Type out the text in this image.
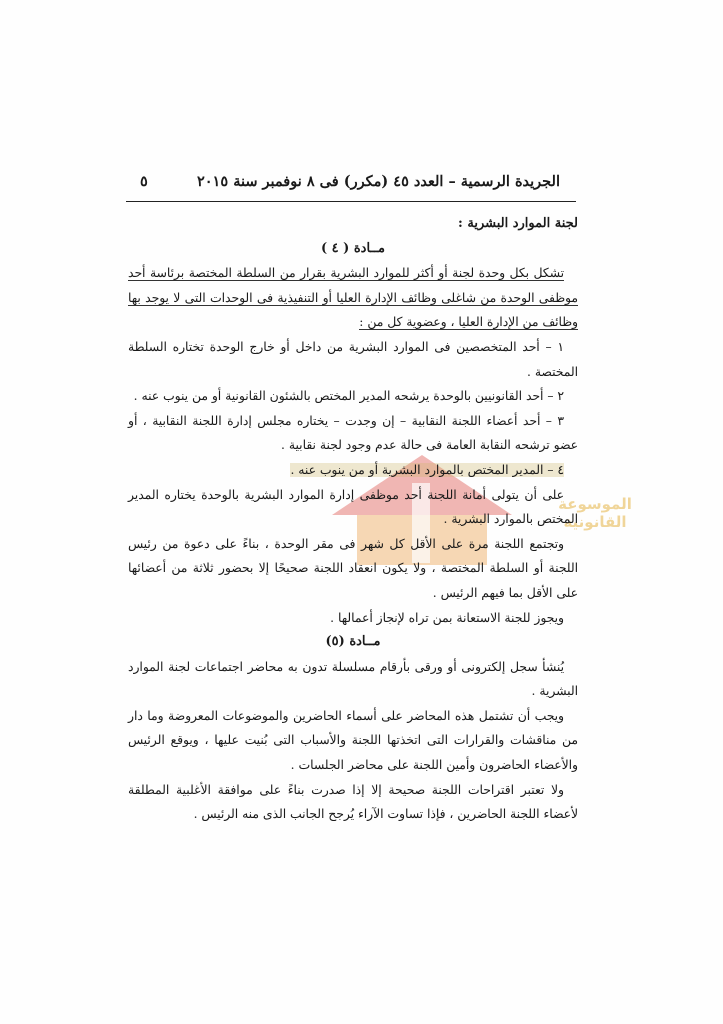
الجريدة الرسمية – العدد ٤٥ (مكرر) فى ٨ نوفمبر سنة ٢٠١٥
٥
الموسوعة
القانونية

لجنة الموارد البشرية :

مــادة ( ٤ )

تشكل بكل وحدة لجنة أو أكثر للموارد البشرية بقرار من السلطة المختصة برئاسة أحد موظفى الوحدة من شاغلى وظائف الإدارة العليا أو التنفيذية فى الوحدات التى لا يوجد بها وظائف من الإدارة العليا ، وعضوية كل من :

١ – أحد المتخصصين فى الموارد البشرية من داخل أو خارج الوحدة تختاره السلطة المختصة .

٢ – أحد القانونيين بالوحدة يرشحه المدير المختص بالشئون القانونية أو من ينوب عنه .

٣ – أحد أعضاء اللجنة النقابية – إن وجدت – يختاره مجلس إدارة اللجنة النقابية ، أو عضو ترشحه النقابة العامة فى حالة عدم وجود لجنة نقابية .

٤ – المدير المختص بالموارد البشرية أو من ينوب عنه .

على أن يتولى أمانة اللجنة أحد موظفى إدارة الموارد البشرية بالوحدة يختاره المدير المختص بالموارد البشرية .

وتجتمع اللجنة مرة على الأقل كل شهر فى مقر الوحدة ، بناءً على دعوة من رئيس اللجنة أو السلطة المختصة ، ولا يكون انعقاد اللجنة صحيحًا إلا بحضور ثلاثة من أعضائها على الأقل بما فيهم الرئيس .

ويجوز للجنة الاستعانة بمن تراه لإنجاز أعمالها .

مــادة (٥)

يُنشأ سجل إلكترونى أو ورقى بأرقام مسلسلة تدون به محاضر اجتماعات لجنة الموارد البشرية .

ويجب أن تشتمل هذه المحاضر على أسماء الحاضرين والموضوعات المعروضة وما دار من مناقشات والقرارات التى اتخذتها اللجنة والأسباب التى بُنيت عليها ، ويوقع الرئيس والأعضاء الحاضرون وأمين اللجنة على محاضر الجلسات .

ولا تعتبر اقتراحات اللجنة صحيحة إلا إذا صدرت بناءً على موافقة الأغلبية المطلقة لأعضاء اللجنة الحاضرين ، فإذا تساوت الآراء يُرجح الجانب الذى منه الرئيس .
